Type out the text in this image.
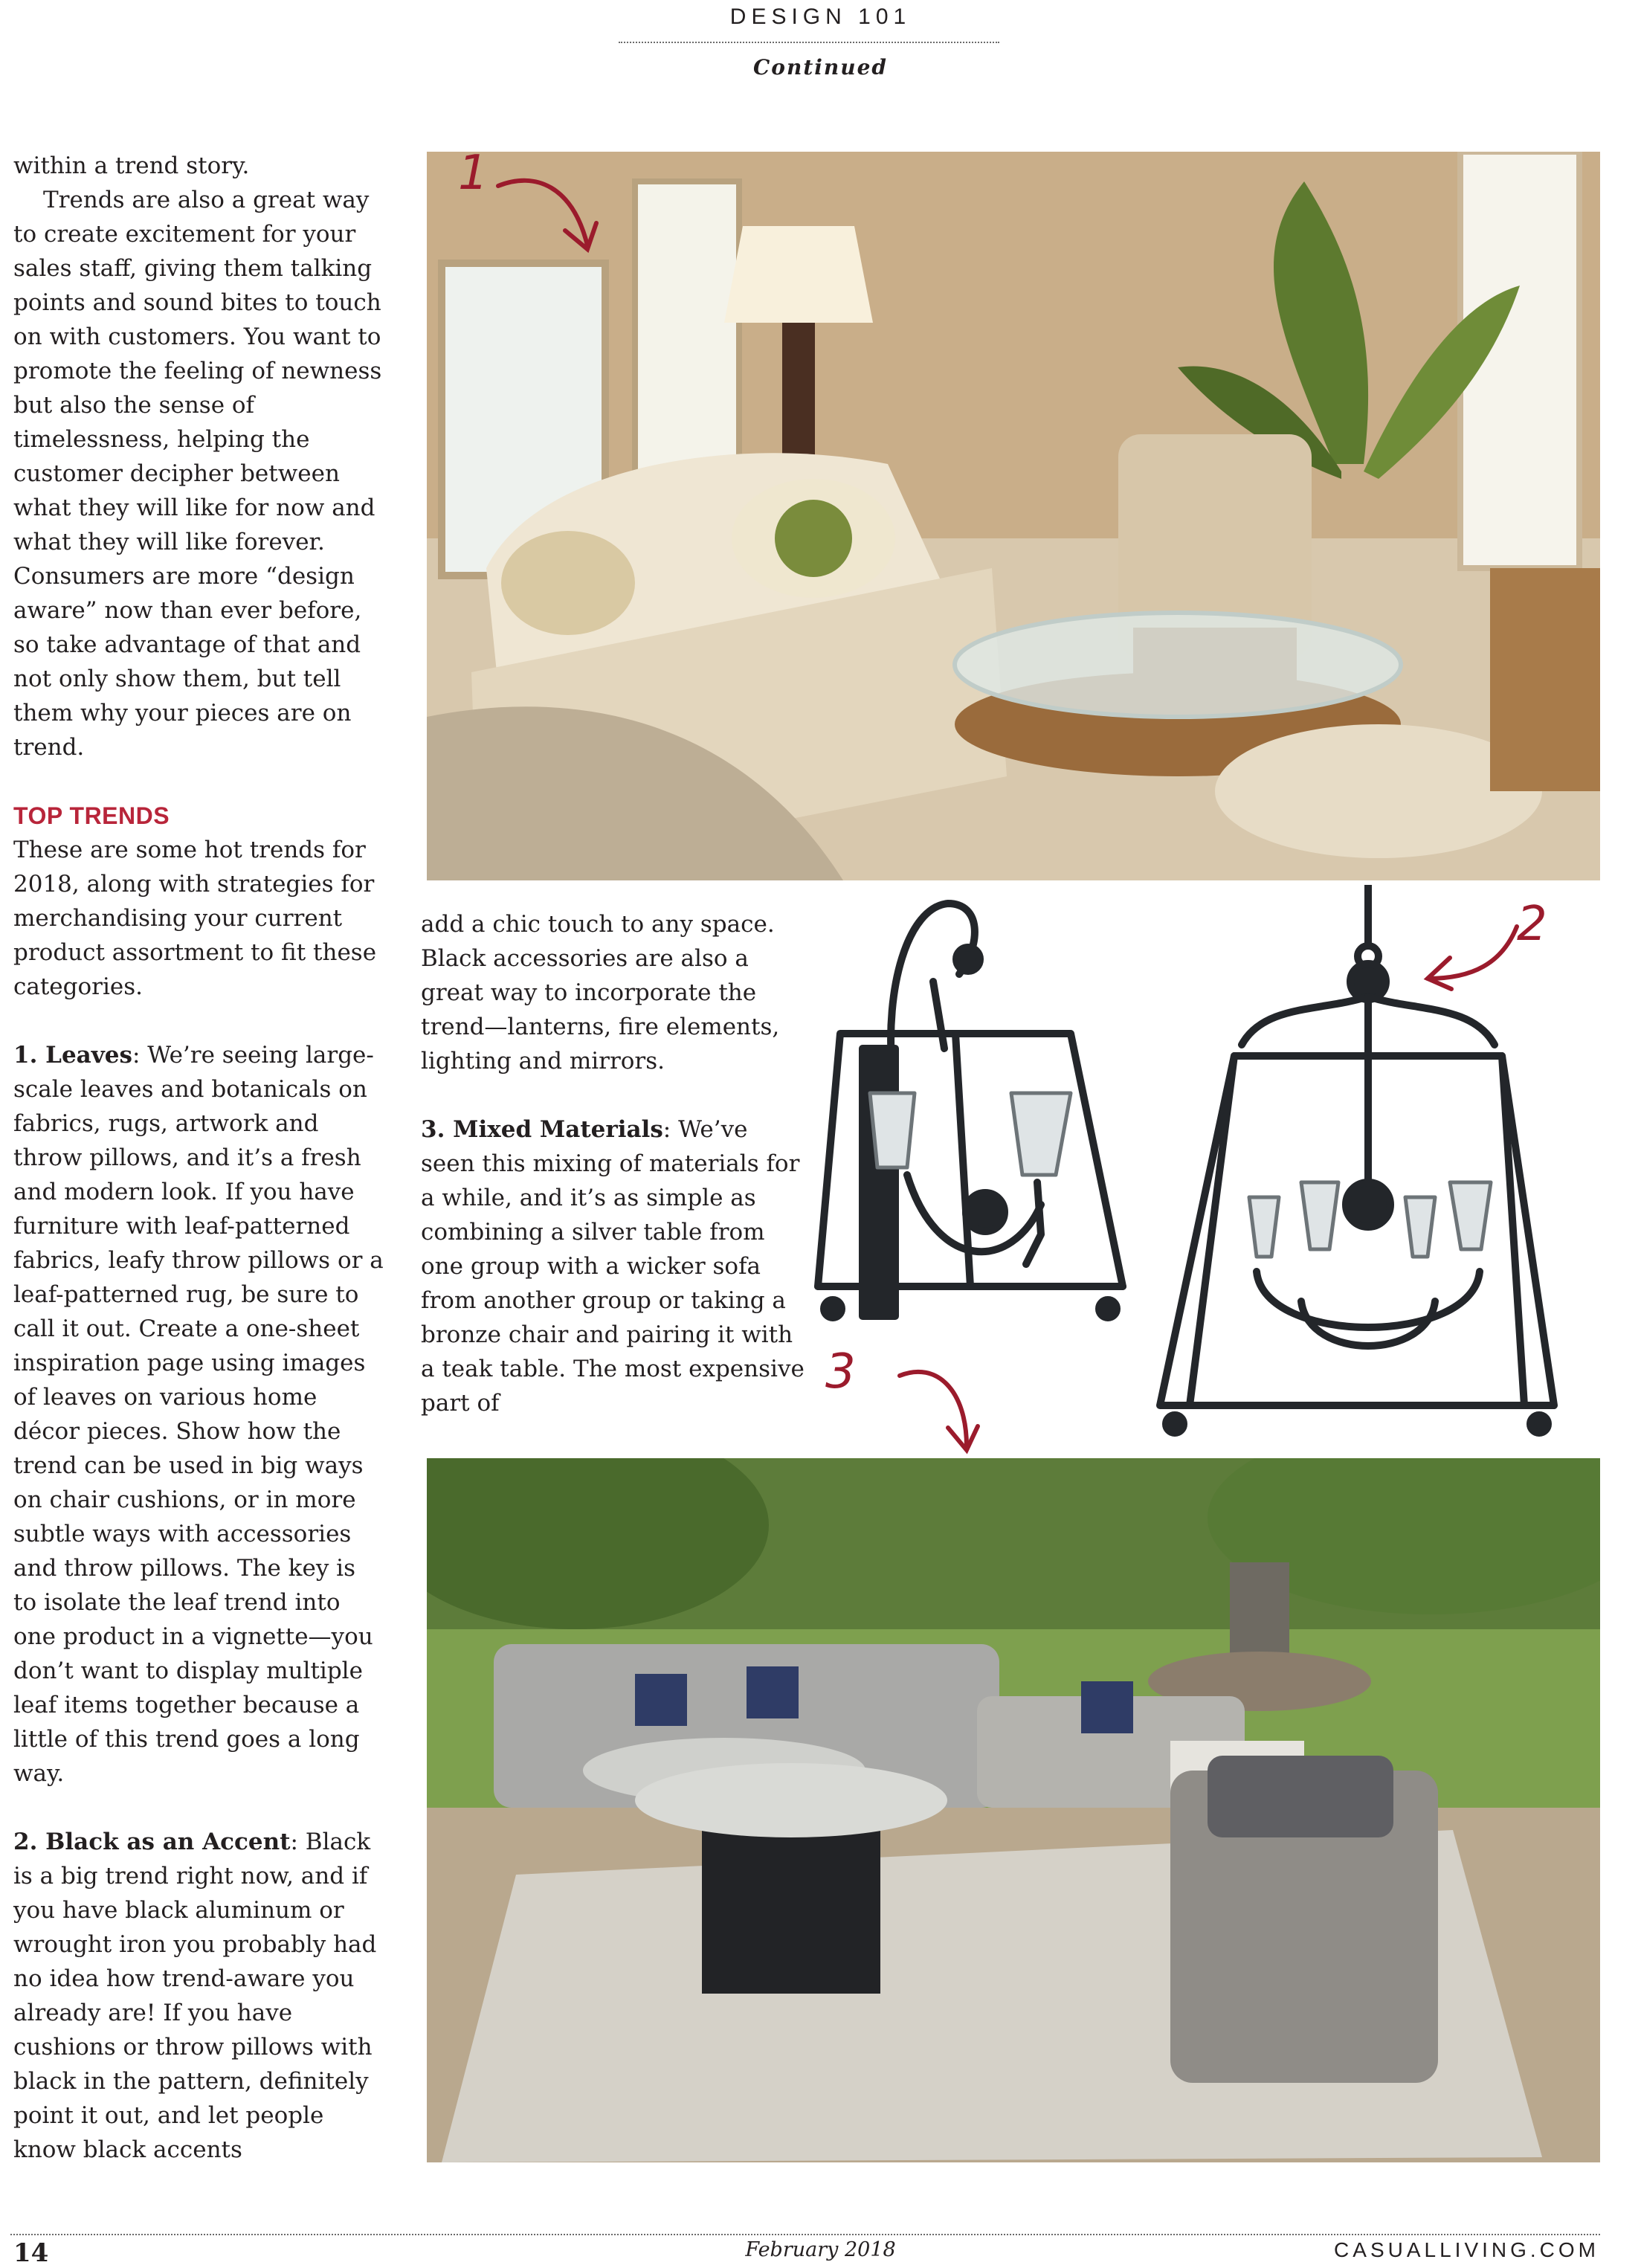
DESIGN 101
Continued

within a trend story.

Trends are also a great way to create excitement for your sales staff, giving them talking points and sound bites to touch on with customers. You want to promote the feeling of newness but also the sense of timelessness, helping the customer decipher between what they will like for now and what they will like forever. Consumers are more “design aware” now than ever before, so take advantage of that and not only show them, but tell them why your pieces are on trend.

TOP TRENDS

These are some hot trends for 2018, along with strategies for merchandising your current product assortment to fit these categories.

1. Leaves: We’re seeing large-scale leaves and botanicals on fabrics, rugs, artwork and throw pillows, and it’s a fresh and modern look. If you have furniture with leaf-patterned fabrics, leafy throw pillows or a leaf-patterned rug, be sure to call it out. Create a one-sheet inspiration page using images of leaves on various home décor pieces. Show how the trend can be used in big ways on chair cushions, or in more subtle ways with accessories and throw pillows. The key is to isolate the leaf trend into one product in a vignette—you don’t want to display multiple leaf items together because a little of this trend goes a long way.

2. Black as an Accent: Black is a big trend right now, and if you have black aluminum or wrought iron you probably had no idea how trend-aware you already are! If you have cushions or throw pillows with black in the pattern, definitely point it out, and let people know black accents

add a chic touch to any space. Black accessories are also a great way to incorporate the trend—lanterns, fire elements, lighting and mirrors.

3. Mixed Materials: We’ve seen this mixing of materials for a while, and it’s as simple as combining a silver table from one group with a wicker sofa from another group or taking a bronze chair and pairing it with a teak table. The most expensive part of

1
2
3
14	February 2018	CASUALLIVING.COM
